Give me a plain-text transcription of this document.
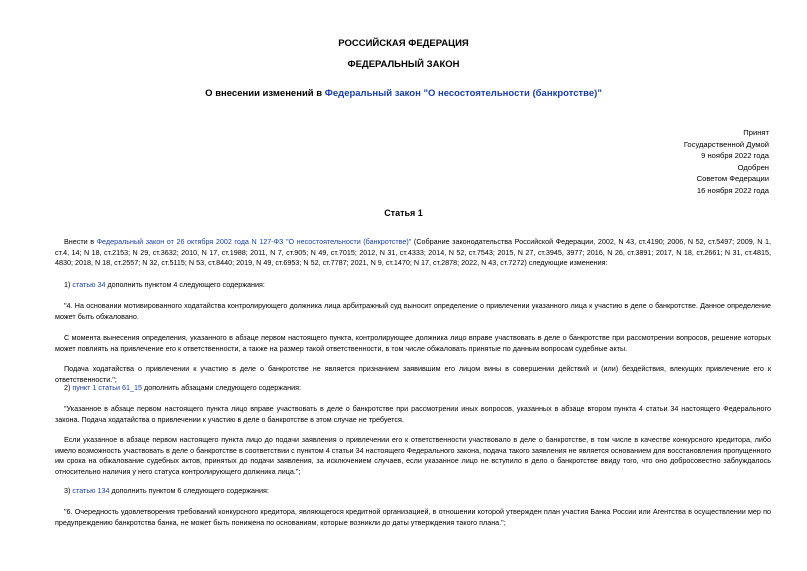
РОССИЙСКАЯ ФЕДЕРАЦИЯ
ФЕДЕРАЛЬНЫЙ ЗАКОН
О внесении изменений в Федеральный закон "О несостоятельности (банкротстве)"
Принят
Государственной Думой
9 ноября 2022 года
Одобрен
Советом Федерации
16 ноября 2022 года
Статья 1
Внести в Федеральный закон от 26 октября 2002 года N 127-ФЗ "О несостоятельности (банкротстве)" (Собрание законодательства Российской Федерации, 2002, N 43, ст.4190; 2006, N 52, ст.5497; 2009, N 1, ст.4, 14; N 18, ст.2153; N 29, ст.3632; 2010, N 17, ст.1988; 2011, N 7, ст.905; N 49, ст.7015; 2012, N 31, ст.4333; 2014, N 52, ст.7543; 2015, N 27, ст.3945, 3977; 2016, N 26, ст.3891; 2017, N 18, ст.2661; N 31, ст.4815, 4830; 2018, N 18, ст.2557; N 32, ст.5115; N 53, ст.8440; 2019, N 49, ст.6953; N 52, ст.7787; 2021, N 9, ст.1470; N 17, ст.2878; 2022, N 43, ст.7272) следующие изменения:
1) статью 34 дополнить пунктом 4 следующего содержания:
"4. На основании мотивированного ходатайства контролирующего должника лица арбитражный суд выносит определение о привлечении указанного лица к участию в деле о банкротстве. Данное определение может быть обжаловано.
С момента вынесения определения, указанного в абзаце первом настоящего пункта, контролирующее должника лицо вправе участвовать в деле о банкротстве при рассмотрении вопросов, решение которых может повлиять на привлечение его к ответственности, а также на размер такой ответственности, в том числе обжаловать принятые по данным вопросам судебные акты.
Подача ходатайства о привлечении к участию в деле о банкротстве не является признанием заявившим его лицом вины в совершении действий и (или) бездействия, влекущих привлечение его к ответственности.";
2) пункт 1 статьи 61_15 дополнить абзацами следующего содержания:
"Указанное в абзаце первом настоящего пункта лицо вправе участвовать в деле о банкротстве при рассмотрении иных вопросов, указанных в абзаце втором пункта 4 статьи 34 настоящего Федерального закона. Подача ходатайства о привлечении к участию в деле о банкротстве в этом случае не требуется.
Если указанное в абзаце первом настоящего пункта лицо до подачи заявления о привлечении его к ответственности участвовало в деле о банкротстве, в том числе в качестве конкурсного кредитора, либо имело возможность участвовать в деле о банкротстве в соответствии с пунктом 4 статьи 34 настоящего Федерального закона, подача такого заявления не является основанием для восстановления пропущенного им срока на обжалование судебных актов, принятых до подачи заявления, за исключением случаев, если указанное лицо не вступило в дело о банкротстве ввиду того, что оно добросовестно заблуждалось относительно наличия у него статуса контролирующего должника лица.";
3) статью 134 дополнить пунктом 6 следующего содержания:
"6. Очередность удовлетворения требований конкурсного кредитора, являющегося кредитной организацией, в отношении которой утвержден план участия Банка России или Агентства в осуществлении мер по предупреждению банкротства банка, не может быть понижена по основаниям, которые возникли до даты утверждения такого плана.";
